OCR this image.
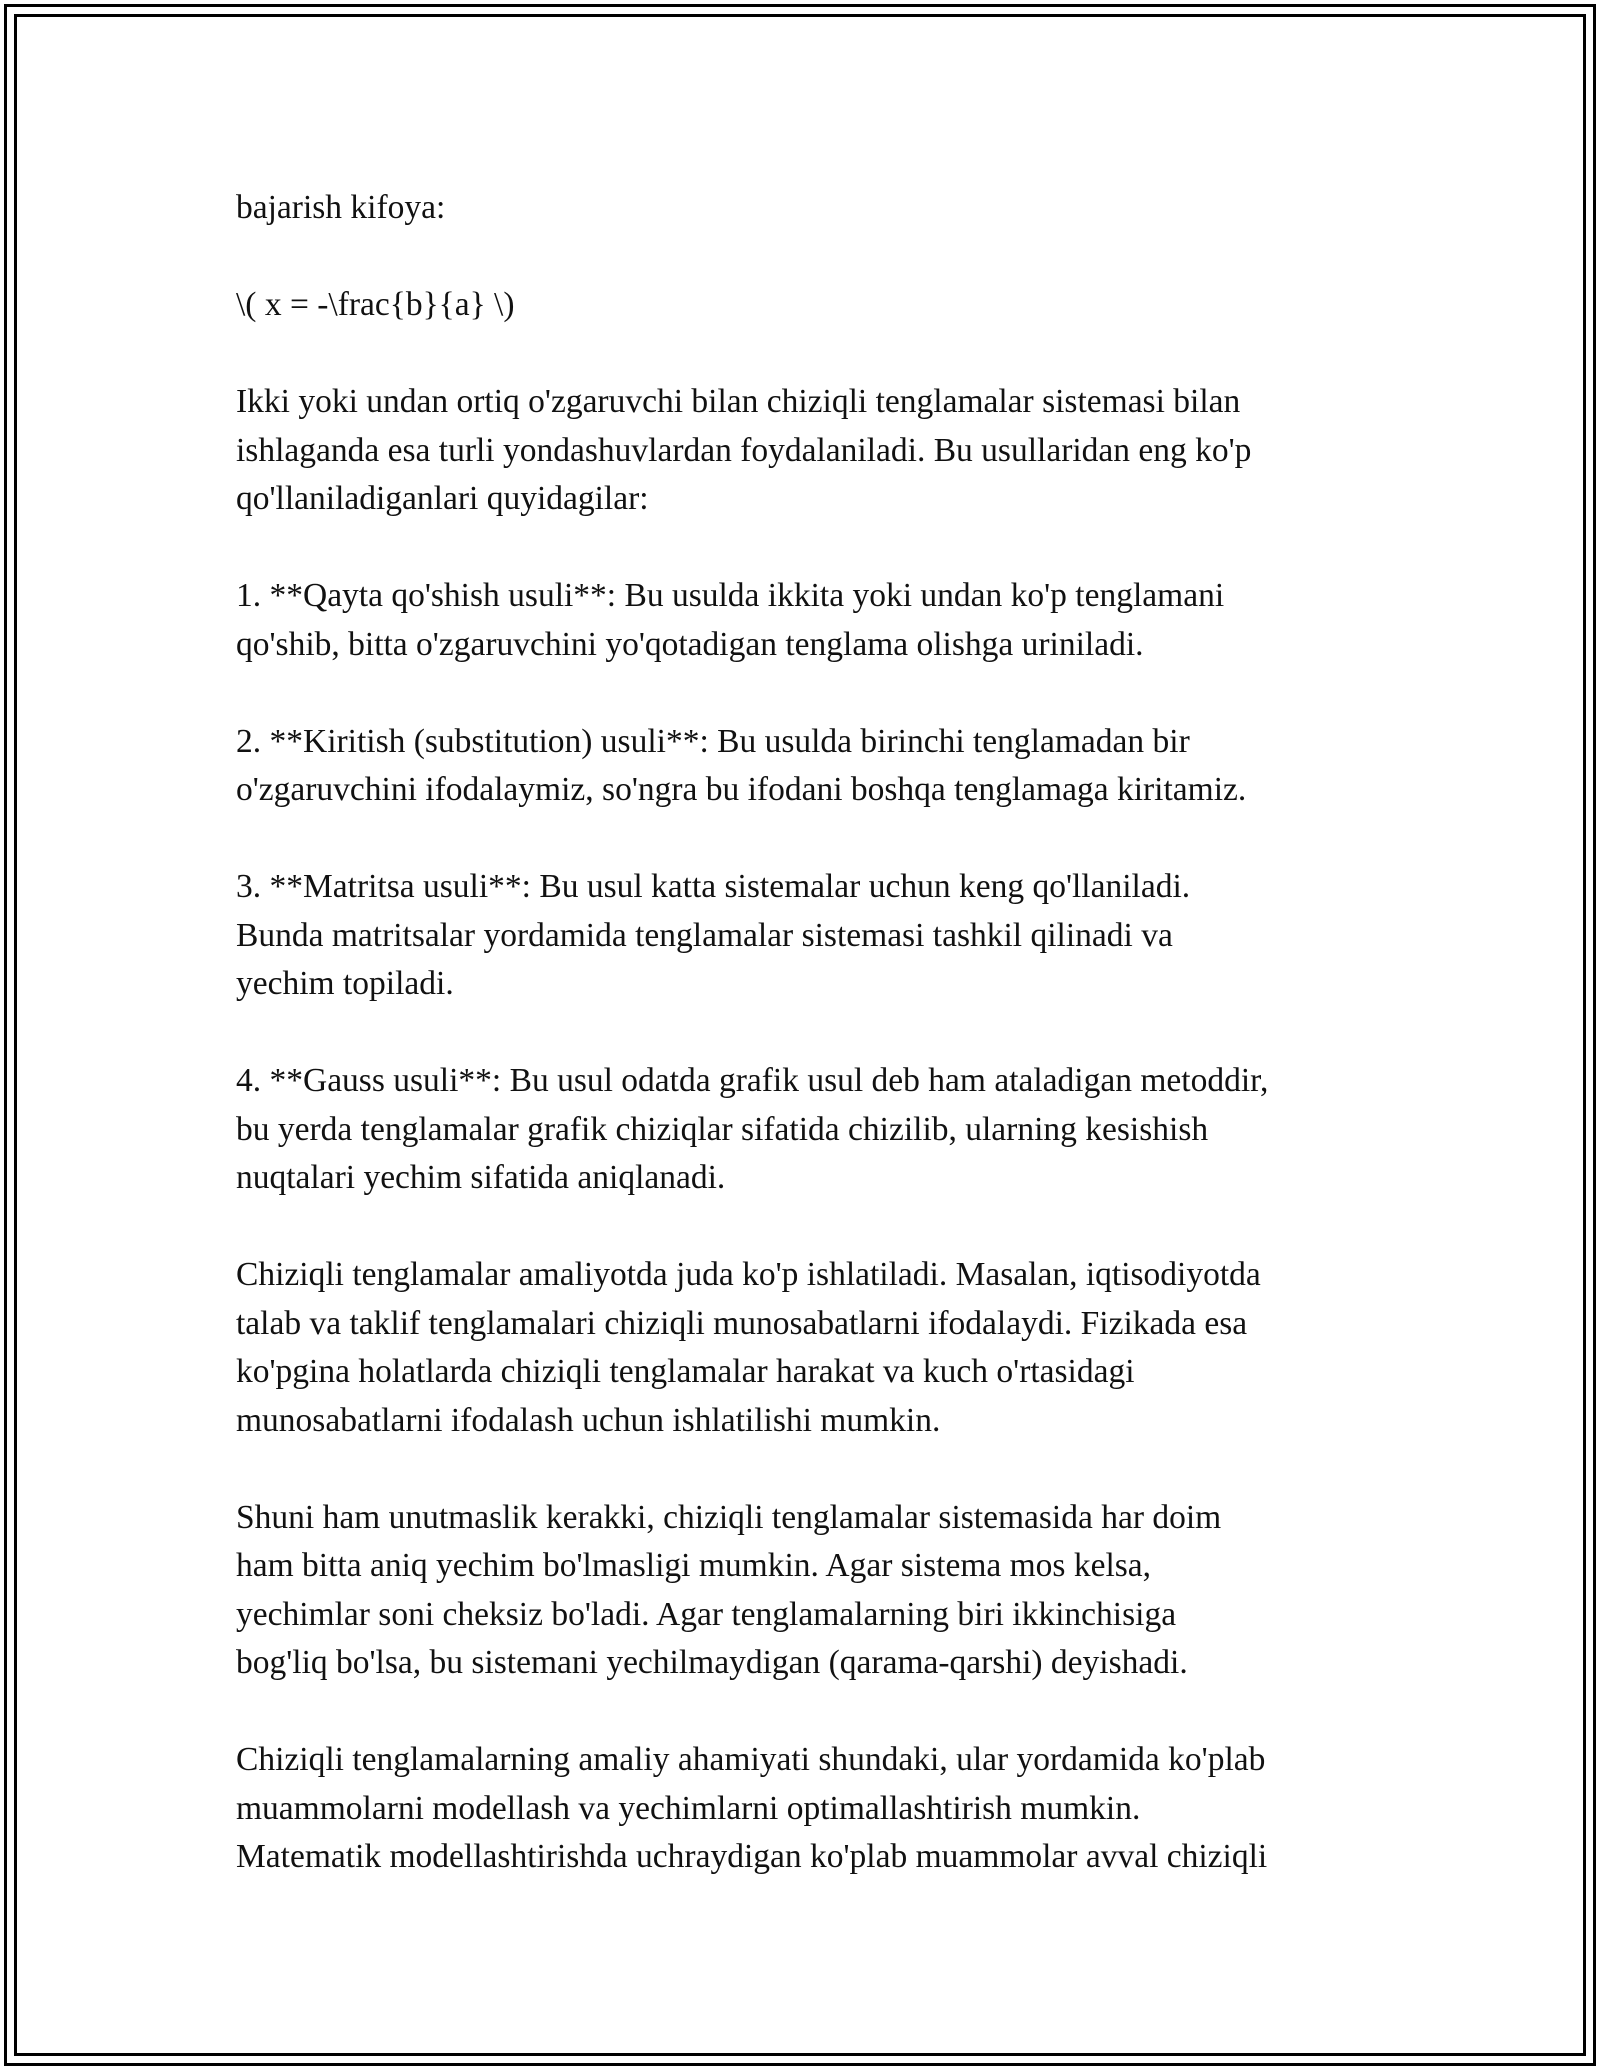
bajarish kifoya:

\( x = -\frac{b}{a} \)

Ikki yoki undan ortiq o'zgaruvchi bilan chiziqli tenglamalar sistemasi bilan
ishlaganda esa turli yondashuvlardan foydalaniladi. Bu usullaridan eng ko'p
qo'llaniladiganlari quyidagilar:

1. **Qayta qo'shish usuli**: Bu usulda ikkita yoki undan ko'p tenglamani
qo'shib, bitta o'zgaruvchini yo'qotadigan tenglama olishga uriniladi.

2. **Kiritish (substitution) usuli**: Bu usulda birinchi tenglamadan bir
o'zgaruvchini ifodalaymiz, so'ngra bu ifodani boshqa tenglamaga kiritamiz.

3. **Matritsa usuli**: Bu usul katta sistemalar uchun keng qo'llaniladi.
Bunda matritsalar yordamida tenglamalar sistemasi tashkil qilinadi va
yechim topiladi.

4. **Gauss usuli**: Bu usul odatda grafik usul deb ham ataladigan metoddir,
bu yerda tenglamalar grafik chiziqlar sifatida chizilib, ularning kesishish
nuqtalari yechim sifatida aniqlanadi.

Chiziqli tenglamalar amaliyotda juda ko'p ishlatiladi. Masalan, iqtisodiyotda
talab va taklif tenglamalari chiziqli munosabatlarni ifodalaydi. Fizikada esa
ko'pgina holatlarda chiziqli tenglamalar harakat va kuch o'rtasidagi
munosabatlarni ifodalash uchun ishlatilishi mumkin.

Shuni ham unutmaslik kerakki, chiziqli tenglamalar sistemasida har doim
ham bitta aniq yechim bo'lmasligi mumkin. Agar sistema mos kelsa,
yechimlar soni cheksiz bo'ladi. Agar tenglamalarning biri ikkinchisiga
bog'liq bo'lsa, bu sistemani yechilmaydigan (qarama-qarshi) deyishadi.

Chiziqli tenglamalarning amaliy ahamiyati shundaki, ular yordamida ko'plab
muammolarni modellash va yechimlarni optimallashtirish mumkin.
Matematik modellashtirishda uchraydigan ko'plab muammolar avval chiziqli
